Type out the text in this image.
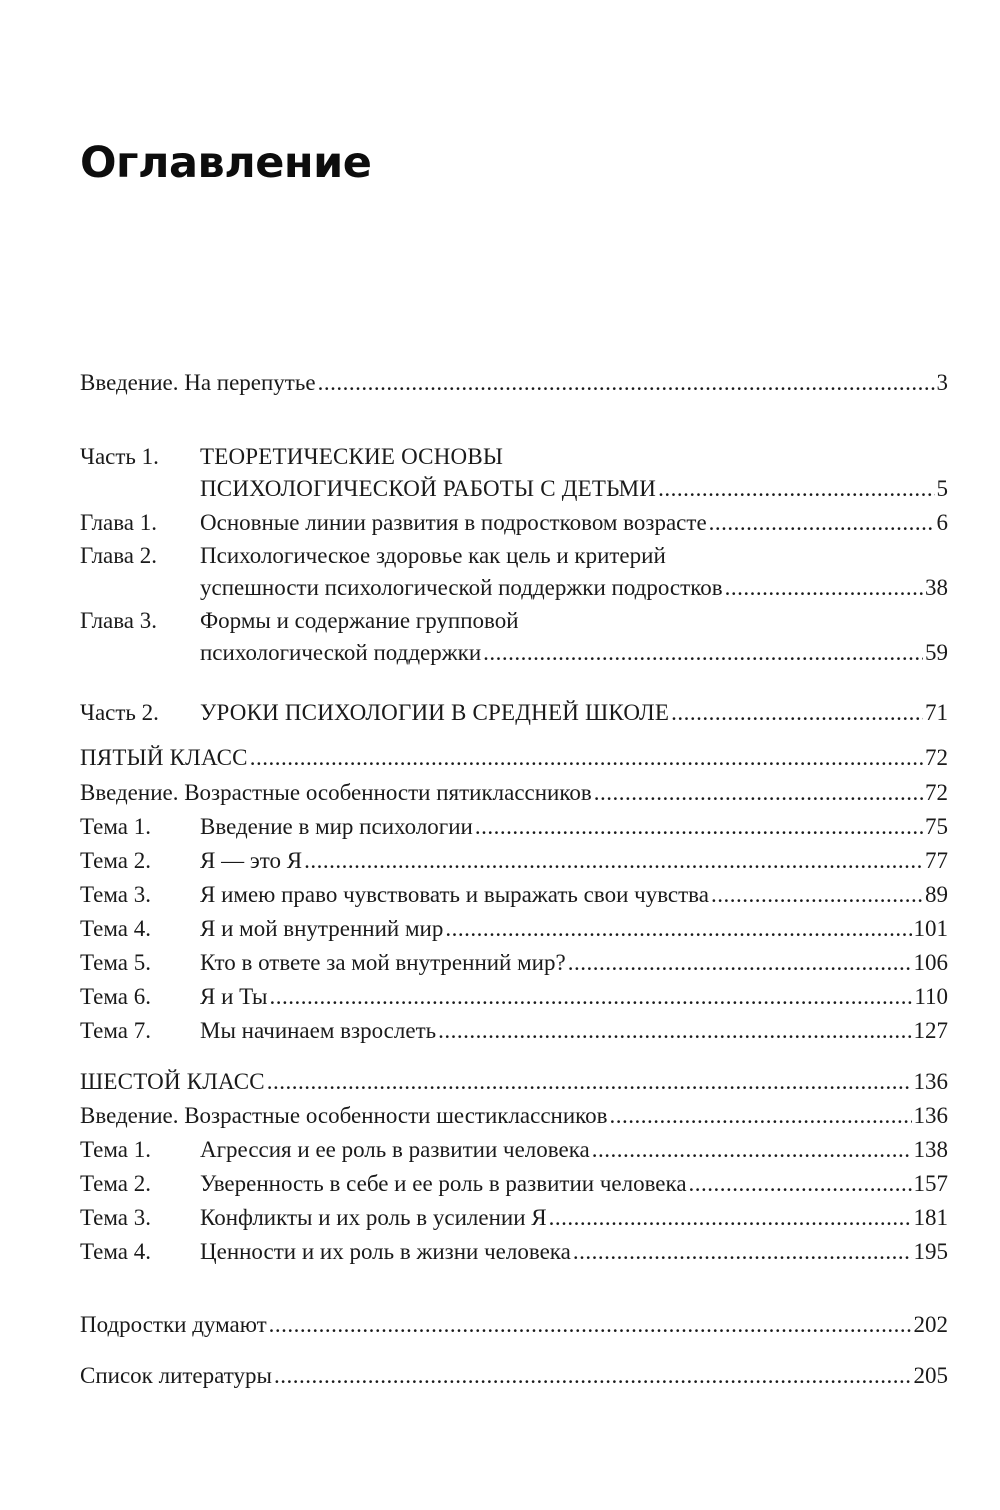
Оглавление
Введение. На перепутье .....	3
Часть 1. ТЕОРЕТИЧЕСКИЕ ОСНОВЫ
ПСИХОЛОГИЧЕСКОЙ РАБОТЫ С ДЕТЬМИ .....	5
Глава 1. Основные линии развития в подростковом возрасте .....	6
Глава 2. Психологическое здоровье как цель и критерий
успешности психологической поддержки подростков .....	38
Глава 3. Формы и содержание групповой
психологической поддержки .....	59
Часть 2. УРОКИ ПСИХОЛОГИИ В СРЕДНЕЙ ШКОЛЕ .....	71
ПЯТЫЙ КЛАСС .....	72
Введение. Возрастные особенности пятиклассников .....	72
Тема 1. Введение в мир психологии .....	75
Тема 2. Я — это Я .....	77
Тема 3. Я имею право чувствовать и выражать свои чувства .....	89
Тема 4. Я и мой внутренний мир .....	101
Тема 5. Кто в ответе за мой внутренний мир? .....	106
Тема 6. Я и Ты .....	110
Тема 7. Мы начинаем взрослеть .....	127
ШЕСТОЙ КЛАСС .....	136
Введение. Возрастные особенности шестиклассников .....	136
Тема 1. Агрессия и ее роль в развитии человека .....	138
Тема 2. Уверенность в себе и ее роль в развитии человека .....	157
Тема 3. Конфликты и их роль в усилении Я .....	181
Тема 4. Ценности и их роль в жизни человека .....	195
Подростки думают .....	202
Список литературы .....	205
